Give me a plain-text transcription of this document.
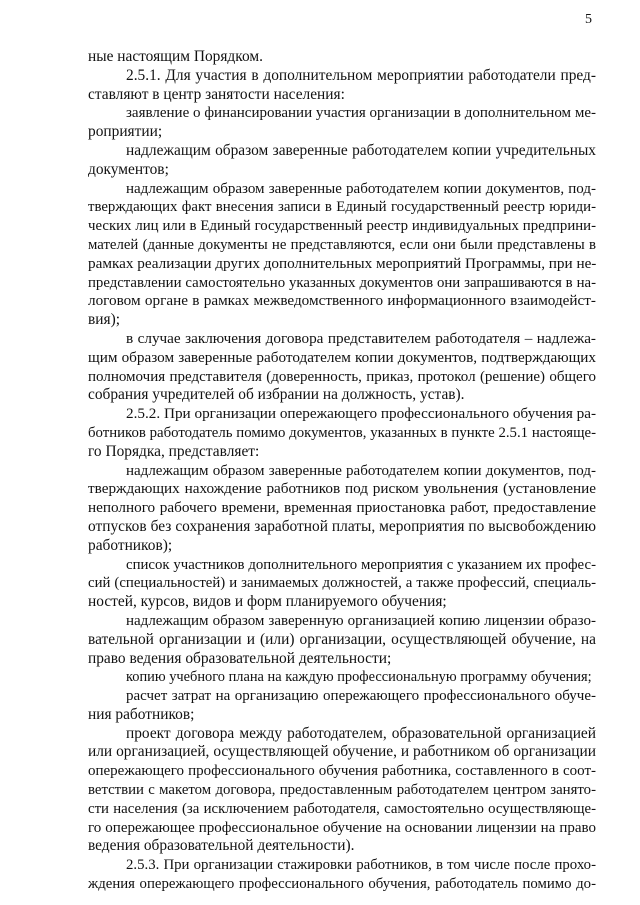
5
ные настоящим Порядком.
2.5.1. Для участия в дополнительном мероприятии работодатели пред-
ставляют в центр занятости населения:
заявление о финансировании участия организации в дополнительном ме-
роприятии;
надлежащим образом заверенные работодателем копии учредительных
документов;
надлежащим образом заверенные работодателем копии документов, под-
тверждающих факт внесения записи в Единый государственный реестр юриди-
ческих лиц или в Единый государственный реестр индивидуальных предприни-
мателей (данные документы не представляются, если они были представлены в
рамках реализации других дополнительных мероприятий Программы, при не-
представлении самостоятельно указанных документов они запрашиваются в на-
логовом органе в рамках межведомственного информационного взаимодейст-
вия);
в случае заключения договора представителем работодателя – надлежа-
щим образом заверенные работодателем копии документов, подтверждающих
полномочия представителя (доверенность, приказ, протокол (решение) общего
собрания учредителей об избрании на должность, устав).
2.5.2. При организации опережающего профессионального обучения ра-
ботников работодатель помимо документов, указанных в пункте 2.5.1 настояще-
го Порядка, представляет:
надлежащим образом заверенные работодателем копии документов, под-
тверждающих нахождение работников под риском увольнения (установление
неполного рабочего времени, временная приостановка работ, предоставление
отпусков без сохранения заработной платы, мероприятия по высвобождению
работников);
список участников дополнительного мероприятия с указанием их профес-
сий (специальностей) и занимаемых должностей, а также профессий, специаль-
ностей, курсов, видов и форм планируемого обучения;
надлежащим образом заверенную организацией копию лицензии образо-
вательной организации и (или) организации, осуществляющей обучение, на
право ведения образовательной деятельности;
копию учебного плана на каждую профессиональную программу обучения;
расчет затрат на организацию опережающего профессионального обуче-
ния работников;
проект договора между работодателем, образовательной организацией
или организацией, осуществляющей обучение, и работником об организации
опережающего профессионального обучения работника, составленного в соот-
ветствии с макетом договора, предоставленным работодателем центром занято-
сти населения (за исключением работодателя, самостоятельно осуществляюще-
го опережающее профессиональное обучение на основании лицензии на право
ведения образовательной деятельности).
2.5.3. При организации стажировки работников, в том числе после прохо-
ждения опережающего профессионального обучения, работодатель помимо до-
